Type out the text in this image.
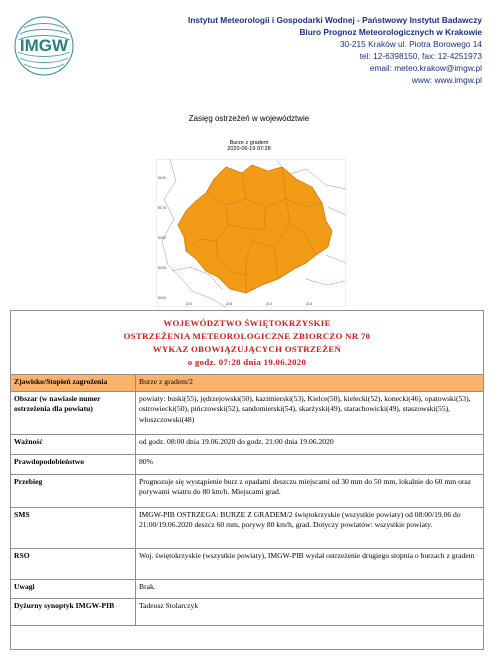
IMGW
Instytut Meteorologii i Gospodarki Wodnej - Państwowy Instytut Badawczy
Biuro Prognoz Meteorologicznych w Krakowie
30-215 Kraków ul. Piotra Borowego 14
tel: 12-6398150, fax: 12-4251973
email: meteo.krakow@imgw.pl
www: www.imgw.pl
Zasięg ostrzeżeń w województwie
Burze z gradem
2020-06-19 07:28
51.00
50.75
50.50
50.25
50.00
20.0	20.5	21.0	21.5
WOJEWÓDZTWO ŚWIĘTOKRZYSKIE
OSTRZEŻENIA METEOROLOGICZNE ZBIORCZO NR 70
WYKAZ OBOWIĄZUJĄCYCH OSTRZEŻEŃ
o godz. 07:28 dnia 19.06.2020
Zjawisko/Stopień zagrożenia	Burze z gradem/2
Obszar (w nawiasie numer ostrzeżenia dla powiatu)	powiaty: buski(55), jędrzejowski(50), kazimierski(53), Kielce(50), kielecki(52), konecki(46), opatowski(53), ostrowiecki(50), pińczowski(52), sandomierski(54), skarżyski(49), starachowicki(49), staszowski(55), włoszczowski(48)
Ważność	od godz. 08:00 dnia 19.06.2020 do godz. 21:00 dnia 19.06.2020
Prawdopodobieństwo	80%
Przebieg	Prognozuje się wystąpienie burz z opadami deszczu miejscami od 30 mm do 50 mm, lokalnie do 60 mm oraz porywami wiatru do 80 km/h. Miejscami grad.
SMS	IMGW-PIB OSTRZEGA: BURZE Z GRADEM/2 świętokrzyskie (wszystkie powiaty) od 08:00/19.06 do 21:00/19.06.2020 deszcz 60 mm, porywy 80 km/h, grad. Dotyczy powiatów: wszystkie powiaty.
RSO	Woj. świętokrzyskie (wszystkie powiaty), IMGW-PIB wydał ostrzeżenie drugiego stopnia o burzach z gradem
Uwagi	Brak.
Dyżurny synoptyk IMGW-PIB	Tadeusz Stolarczyk
